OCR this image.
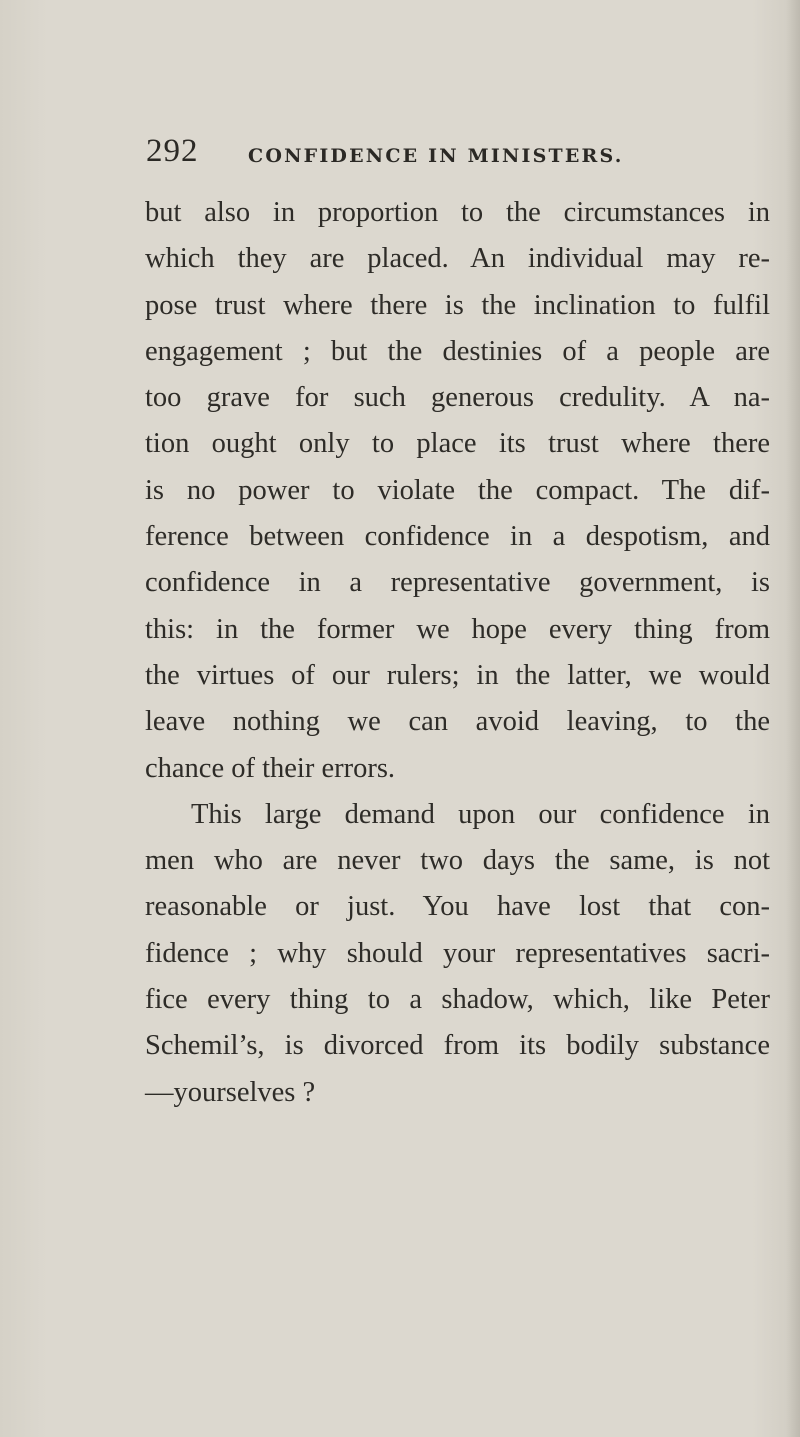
292	CONFIDENCE IN MINISTERS.
but also in proportion to the circumstances in
which they are placed. An individual may re-
pose trust where there is the inclination to fulfil
engagement ; but the destinies of a people are
too grave for such generous credulity. A na-
tion ought only to place its trust where there
is no power to violate the compact. The dif-
ference between confidence in a despotism, and
confidence in a representative government, is
this: in the former we hope every thing from
the virtues of our rulers; in the latter, we would
leave nothing we can avoid leaving, to the
chance of their errors.
This large demand upon our confidence in
men who are never two days the same, is not
reasonable or just. You have lost that con-
fidence ; why should your representatives sacri-
fice every thing to a shadow, which, like Peter
Schemil’s, is divorced from its bodily substance
—yourselves ?
